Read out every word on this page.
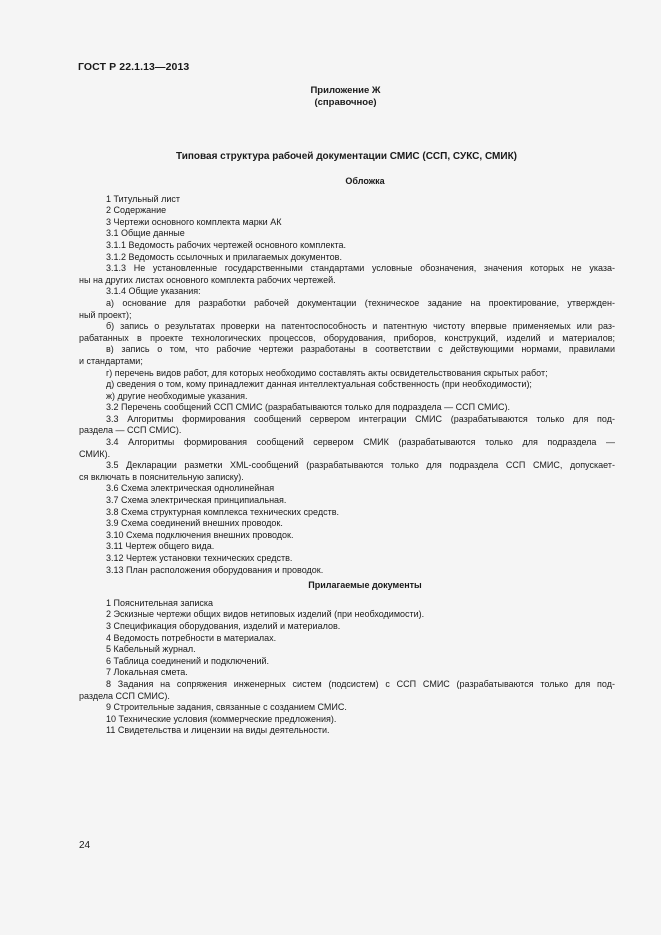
ГОСТ Р 22.1.13—2013
Приложение Ж
(справочное)
Типовая структура рабочей документации СМИС (ССП, СУКС, СМИК)
Обложка
1 Титульный лист
2 Содержание
3 Чертежи основного комплекта марки АК
3.1 Общие данные
3.1.1 Ведомость рабочих чертежей основного комплекта.
3.1.2 Ведомость ссылочных и прилагаемых документов.
3.1.3 Не установленные государственными стандартами условные обозначения, значения которых не указа-
ны на других листах основного комплекта рабочих чертежей.
3.1.4 Общие указания:
а) основание для разработки рабочей документации (техническое задание на проектирование, утвержден-
ный проект);
б) запись о результатах проверки на патентоспособность и патентную чистоту впервые применяемых или раз-
рабатанных в проекте технологических процессов, оборудования, приборов, конструкций, изделий и материалов;
в) запись о том, что рабочие чертежи разработаны в соответствии с действующими нормами, правилами
и стандартами;
г) перечень видов работ, для которых необходимо составлять акты освидетельствования скрытых работ;
д) сведения о том, кому принадлежит данная интеллектуальная собственность (при необходимости);
ж) другие необходимые указания.
3.2 Перечень сообщений ССП СМИС (разрабатываются только для подраздела — ССП СМИС).
3.3 Алгоритмы формирования сообщений сервером интеграции СМИС (разрабатываются только для под-
раздела — ССП СМИС).
3.4 Алгоритмы формирования сообщений сервером СМИК (разрабатываются только для подраздела —
СМИК).
3.5 Декларации разметки XML-сообщений (разрабатываются только для подраздела ССП СМИС, допускает-
ся включать в пояснительную записку).
3.6 Схема электрическая однолинейная
3.7 Схема электрическая принципиальная.
3.8 Схема структурная комплекса технических средств.
3.9 Схема соединений внешних проводок.
3.10 Схема подключения внешних проводок.
3.11 Чертеж общего вида.
3.12 Чертеж установки технических средств.
3.13 План расположения оборудования и проводок.
Прилагаемые документы
1 Пояснительная записка
2 Эскизные чертежи общих видов нетиповых изделий (при необходимости).
3 Спецификация оборудования, изделий и материалов.
4 Ведомость потребности в материалах.
5 Кабельный журнал.
6 Таблица соединений и подключений.
7 Локальная смета.
8 Задания на сопряжения инженерных систем (подсистем) с ССП СМИС (разрабатываются только для под-
раздела ССП СМИС).
9 Строительные задания, связанные с созданием СМИС.
10 Технические условия (коммерческие предложения).
11 Свидетельства и лицензии на виды деятельности.
24
